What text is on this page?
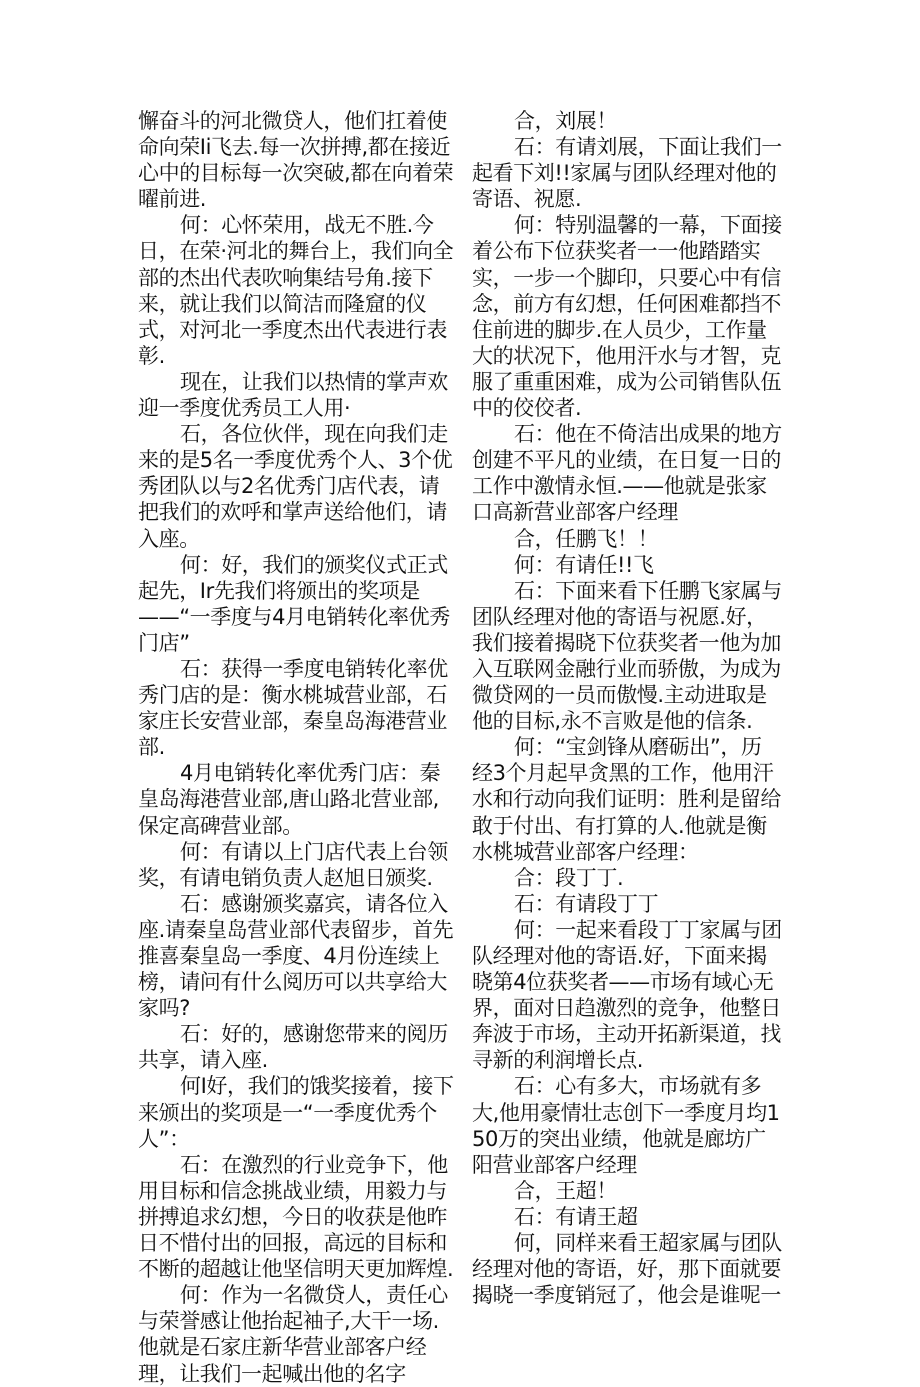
懈奋斗的河北微贷人，他们扛着使命向荣Ii飞去.每一次拼搏,都在接近心中的目标每一次突破,都在向着荣曜前进.

何：心怀荣用，战无不胜.今日，在荣·河北的舞台上，我们向全部的杰出代表吹响集结号角.接下来，就让我们以简洁而隆窟的仪式，对河北一季度杰出代表进行表彰.

现在，让我们以热情的掌声欢迎一季度优秀员工人用·

石，各位伙伴，现在向我们走来的是5名一季度优秀个人、3个优秀团队以与2名优秀门店代表，请把我们的欢呼和掌声送给他们，请入座。

何：好，我们的颁奖仪式正式起先，Ir先我们将颁出的奖项是——“一季度与4月电销转化率优秀门店”

石：获得一季度电销转化率优秀门店的是：衡水桃城营业部，石家庄长安营业部，秦皇岛海港营业部.

4月电销转化率优秀门店：秦皇岛海港营业部,唐山路北营业部,保定高碑营业部。

何：有请以上门店代表上台领奖，有请电销负责人赵旭日颁奖.

石：感谢颁奖嘉宾，请各位入座.请秦皇岛营业部代表留步，首先推喜秦皇岛一季度、4月份连续上榜，请问有什么阅历可以共享给大家吗?

石：好的，感谢您带来的阅历共享，请入座.

何I好，我们的饿奖接着，接下来颁出的奖项是一“一季度优秀个人”：

石：在激烈的行业竞争下，他用目标和信念挑战业绩，用毅力与拼搏追求幻想，今日的收获是他昨日不惜付出的回报，高远的目标和不断的超越让他坚信明天更加辉煌.

何：作为一名微贷人，责任心与荣誉感让他抬起袖子,大干一场.他就是石家庄新华营业部客户经理，让我们一起喊出他的名字

合，刘展！

石：有请刘展，下面让我们一起看下刘!!家属与团队经理对他的寄语、祝愿.

何：特别温馨的一幕，下面接着公布下位获奖者一一他踏踏实实，一步一个脚印，只要心中有信念，前方有幻想，任何困难都挡不住前进的脚步.在人员少，工作量大的状况下，他用汗水与才智，克服了重重困难，成为公司销售队伍中的佼佼者.

石：他在不倚洁出成果的地方创建不平凡的业绩，在日复一日的工作中激情永恒.——他就是张家口高新营业部客户经理

合，任鹏飞！！

何：有请任!!飞

石：下面来看下任鹏飞家属与团队经理对他的寄语与祝愿.好，我们接着揭晓下位获奖者一他为加入互联网金融行业而骄傲，为成为微贷网的一员而傲慢.主动进取是他的目标,永不言败是他的信条.

何：“宝剑锋从磨砺出”，历经3个月起早贪黑的工作，他用汗水和行动向我们证明：胜利是留给敢于付出、有打算的人.他就是衡水桃城营业部客户经理：

合：段丁丁.

石：有请段丁丁

何：一起来看段丁丁家属与团队经理对他的寄语.好，下面来揭晓第4位获奖者——市场有域心无界，面对日趋激烈的竞争，他整日奔波于市场，主动开拓新渠道，找寻新的利润增长点.

石：心有多大，市场就有多大,他用豪情壮志创下一季度月均150万的突出业绩，他就是廊坊广阳营业部客户经理

合，王超！

石：有请王超

何，同样来看王超家属与团队经理对他的寄语，好，那下面就要揭晓一季度销冠了，他会是谁呢一
